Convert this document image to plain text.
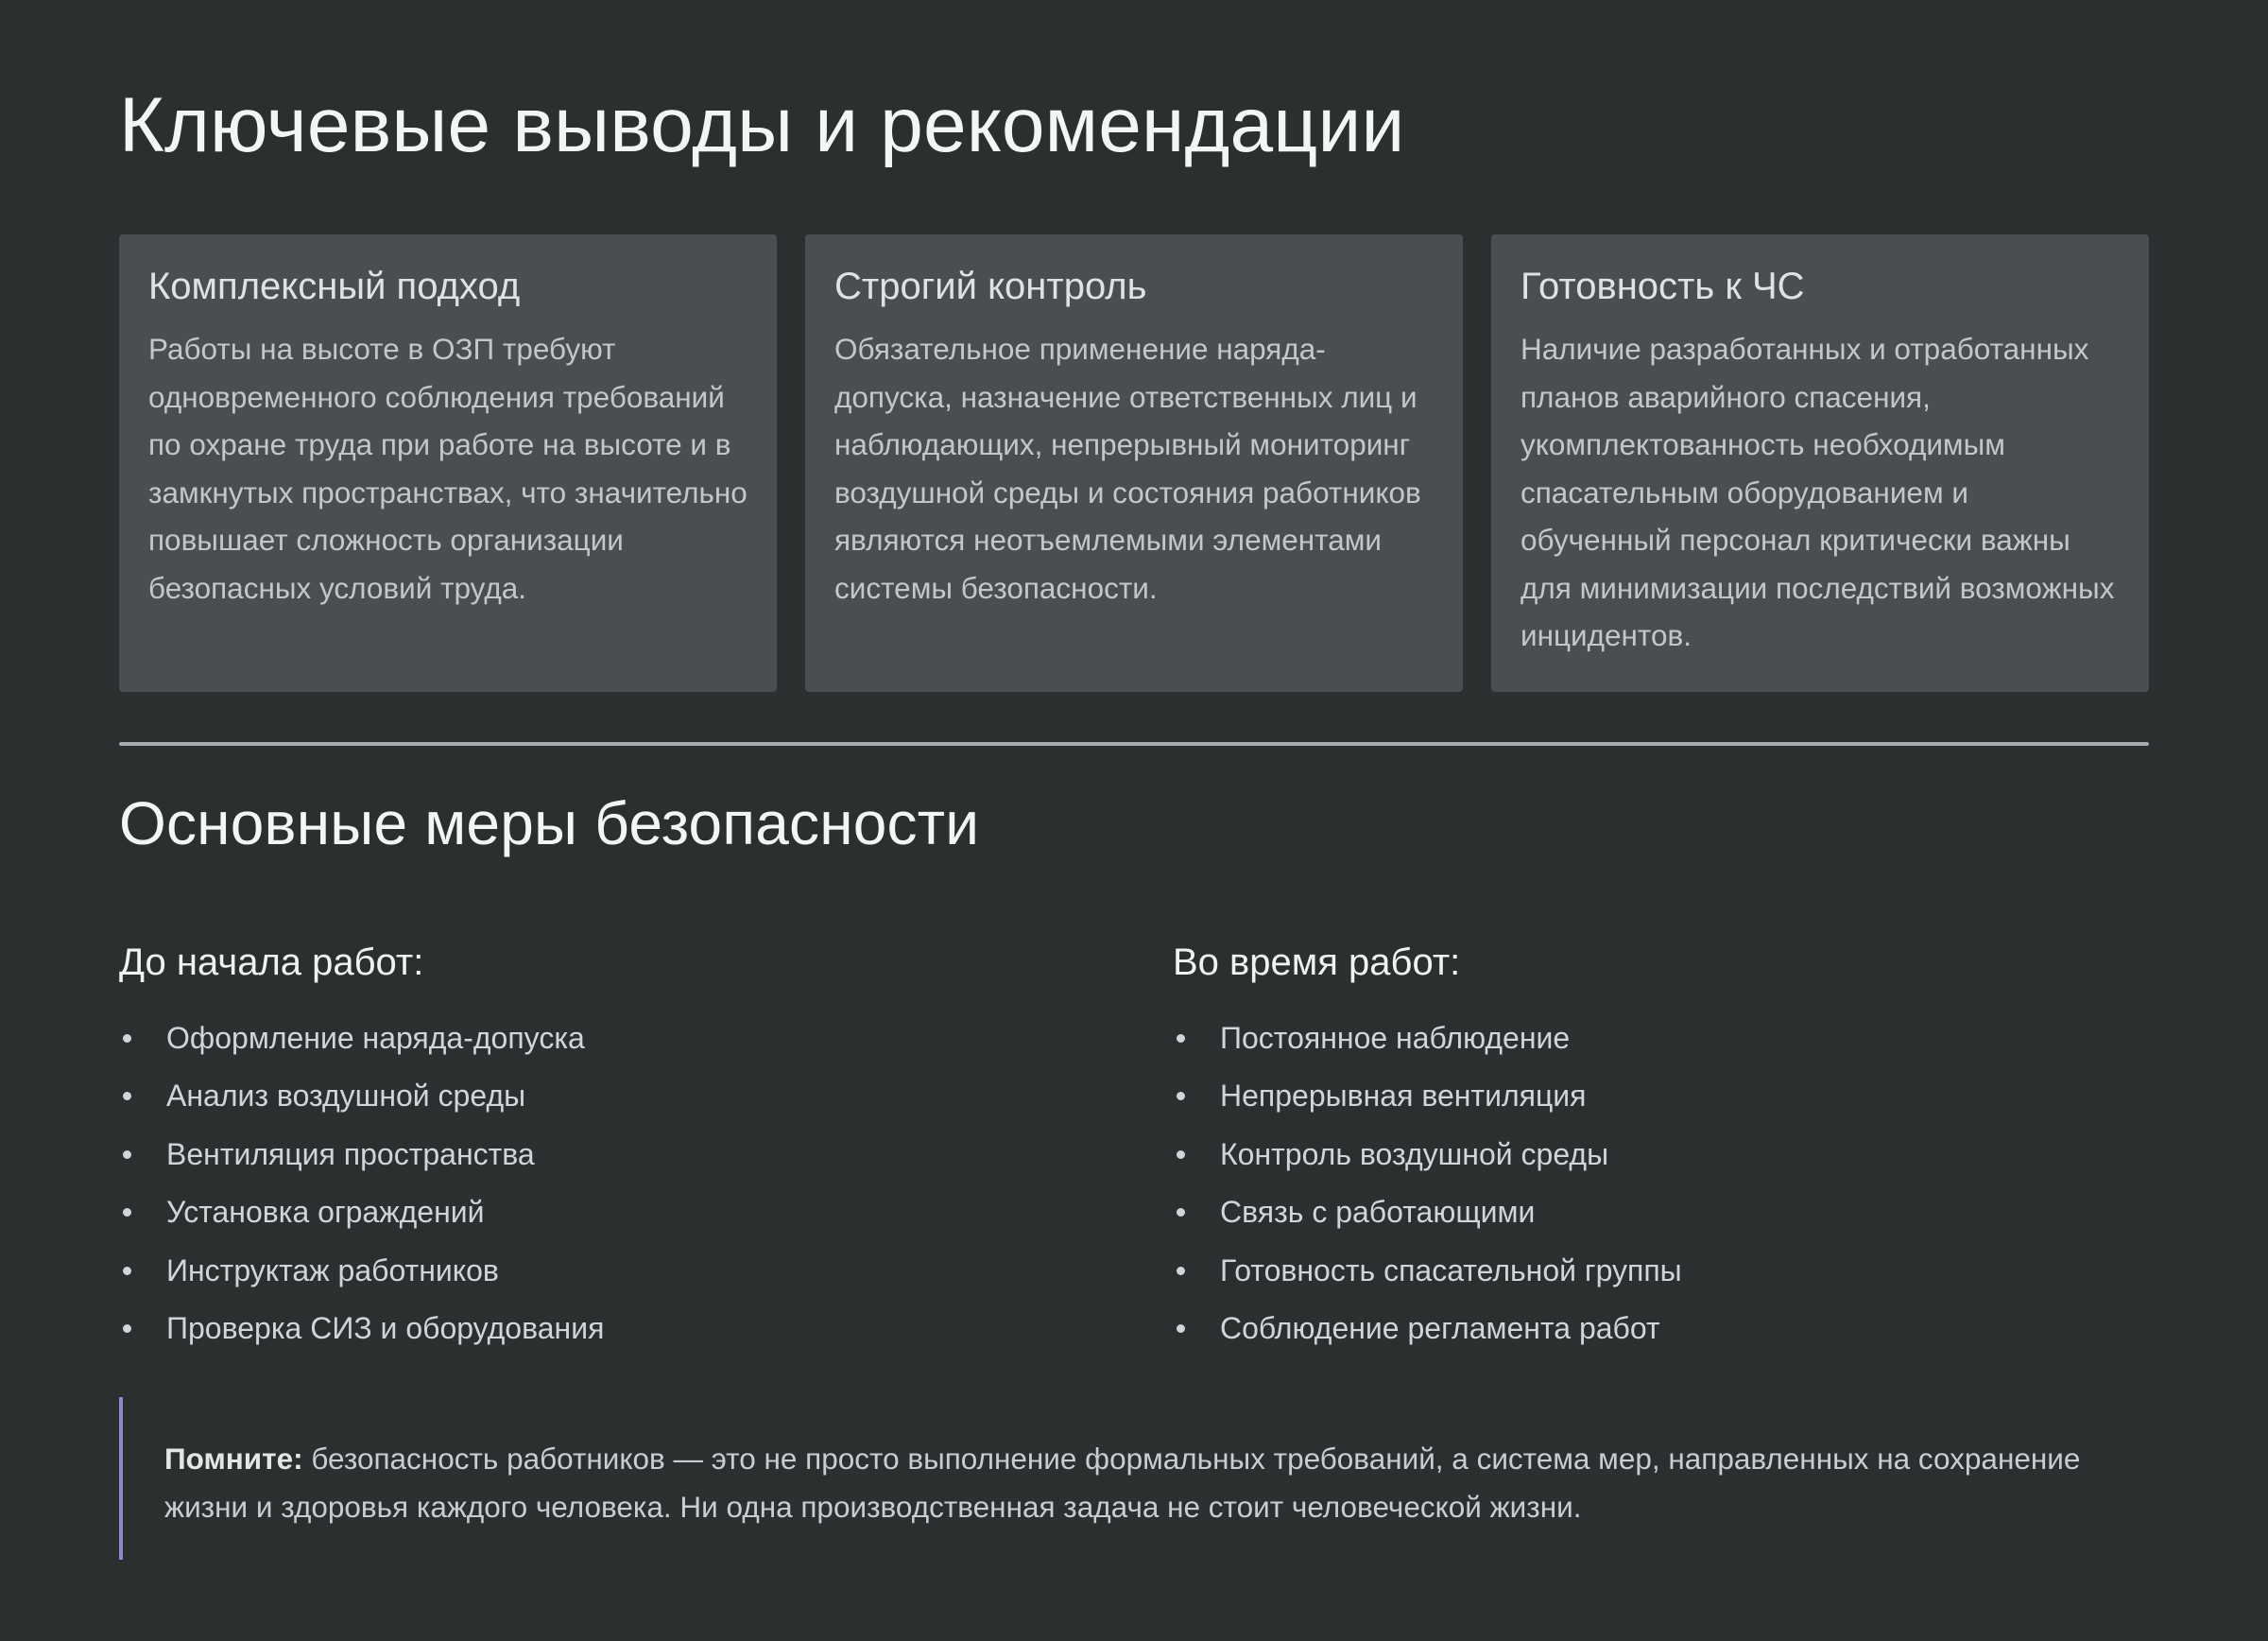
Ключевые выводы и рекомендации
Комплексный подход
Работы на высоте в ОЗП требуют одновременного соблюдения требований по охране труда при работе на высоте и в замкнутых пространствах, что значительно повышает сложность организации безопасных условий труда.
Строгий контроль
Обязательное применение наряда-допуска, назначение ответственных лиц и наблюдающих, непрерывный мониторинг воздушной среды и состояния работников являются неотъемлемыми элементами системы безопасности.
Готовность к ЧС
Наличие разработанных и отработанных планов аварийного спасения, укомплектованность необходимым спасательным оборудованием и обученный персонал критически важны для минимизации последствий возможных инцидентов.
Основные меры безопасности
До начала работ:
Оформление наряда-допуска
Анализ воздушной среды
Вентиляция пространства
Установка ограждений
Инструктаж работников
Проверка СИЗ и оборудования
Во время работ:
Постоянное наблюдение
Непрерывная вентиляция
Контроль воздушной среды
Связь с работающими
Готовность спасательной группы
Соблюдение регламента работ
Помните: безопасность работников — это не просто выполнение формальных требований, а система мер, направленных на сохранение жизни и здоровья каждого человека. Ни одна производственная задача не стоит человеческой жизни.
